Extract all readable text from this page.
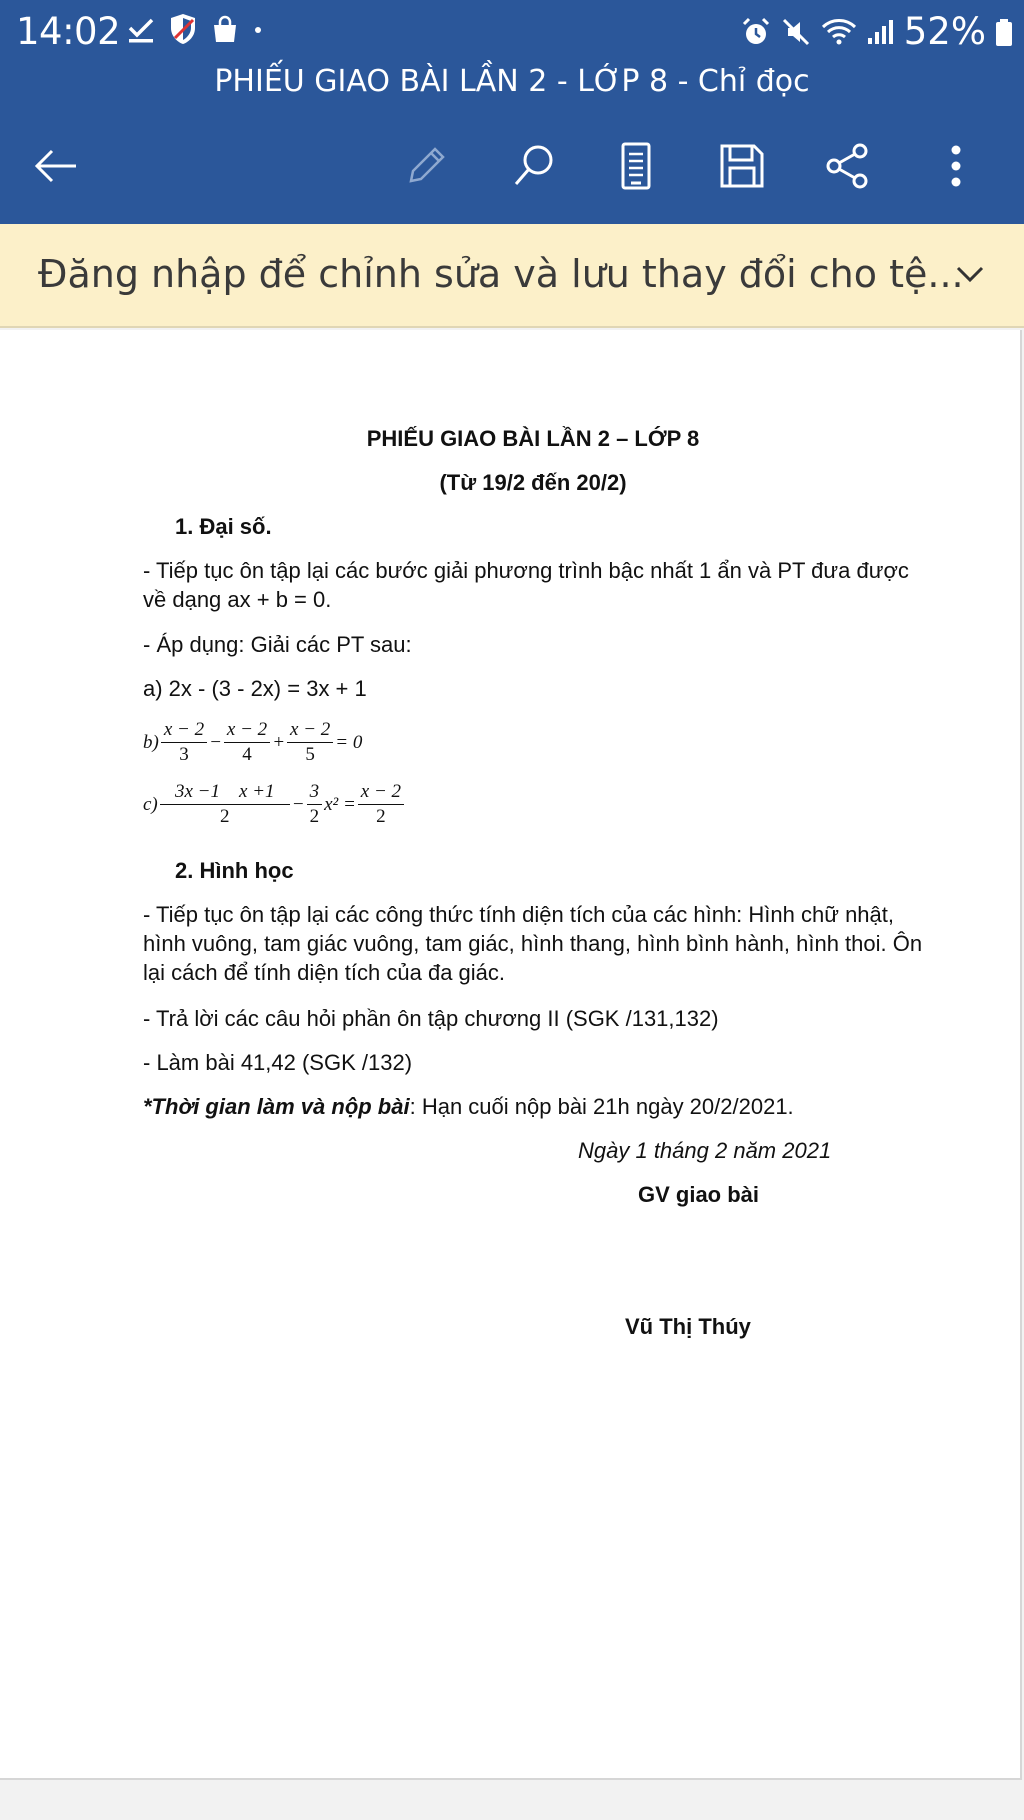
14:02	52%
PHIẾU GIAO BÀI LẦN 2 - LỚP 8 - Chỉ đọc
Đăng nhập để chỉnh sửa và lưu thay đổi cho tệ...
PHIẾU GIAO BÀI LẦN 2 – LỚP 8
(Từ 19/2 đến 20/2)
1. Đại số.
- Tiếp tục ôn tập lại các bước giải phương trình bậc nhất 1 ẩn và PT đưa được về dạng ax + b = 0.
- Áp dụng: Giải các PT sau:
a) 2x - (3 - 2x) = 3x + 1
$b) \frac{x - 2}{3} - \frac{x - 2}{4} + \frac{x - 2}{5} = 0$
$c) \frac{3x -1 x +1}{2} - \frac{3}{2} x^2 = \frac{x - 2}{2}$
2. Hình học
- Tiếp tục ôn tập lại các công thức tính diện tích của các hình: Hình chữ nhật, hình vuông, tam giác vuông, tam giác, hình thang, hình bình hành, hình thoi. Ôn lại cách để tính diện tích của đa giác.
- Trả lời các câu hỏi phần ôn tập chương II (SGK /131,132)
- Làm bài 41,42 (SGK /132)
*Thời gian làm và nộp bài: Hạn cuối nộp bài 21h ngày 20/2/2021.
Ngày 1 tháng 2 năm 2021
GV giao bài
Vũ Thị Thúy
